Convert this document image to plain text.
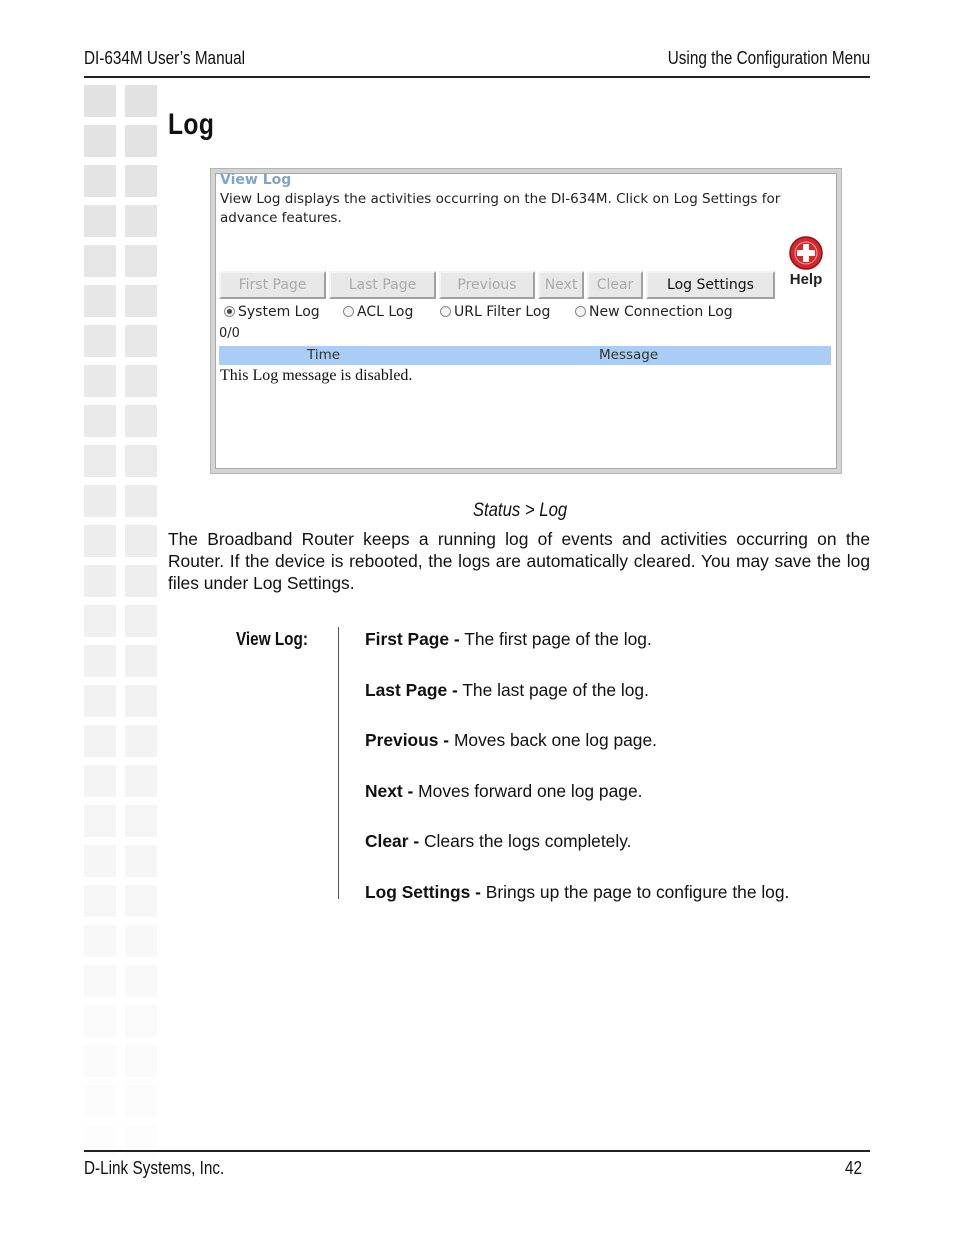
DI-634M User’s Manual	Using the Configuration Menu
Log
View Log
View Log displays the activities occurring on the DI-634M. Click on Log Settings for advance features.
Help
First Page	Last Page	Previous	Next	Clear	Log Settings
System Log	ACL Log	URL Filter Log	New Connection Log
0/0
Time	Message
This Log message is disabled.
Status > Log
The Broadband Router keeps a running log of events and activities occurring on the Router. If the device is rebooted, the logs are automatically cleared. You may save the log files under Log Settings.
View Log:	First Page - The first page of the log.
Last Page - The last page of the log.
Previous - Moves back one log page.
Next - Moves forward one log page.
Clear - Clears the logs completely.
Log Settings - Brings up the page to configure the log.
D-Link Systems, Inc.	42
